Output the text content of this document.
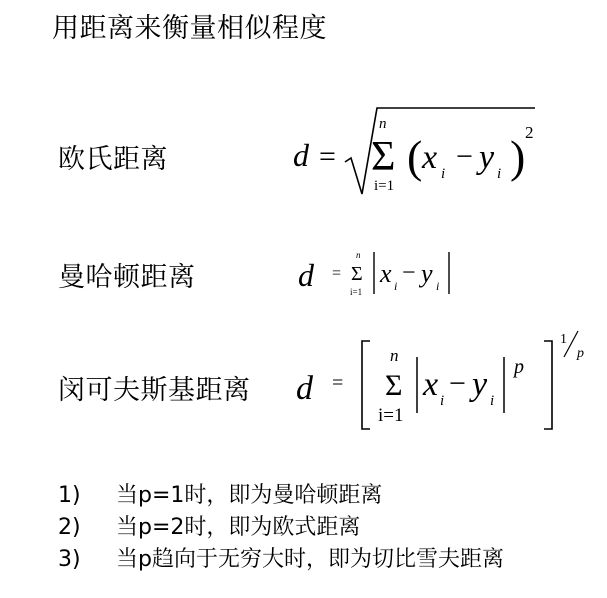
用距离来衡量相似程度
欧氏距离	d =
n
Σ
i=1
( x i
− y i ) 2
曼哈顿距离	d =
n
Σ
i=1
x i − y i
闵可夫斯基距离 d =
n
Σ
i=1
x i
− y i
p
1
p
1) 当p=1时，即为曼哈顿距离
2) 当p=2时，即为欧式距离
3) 当p趋向于无穷大时，即为切比雪夫距离
